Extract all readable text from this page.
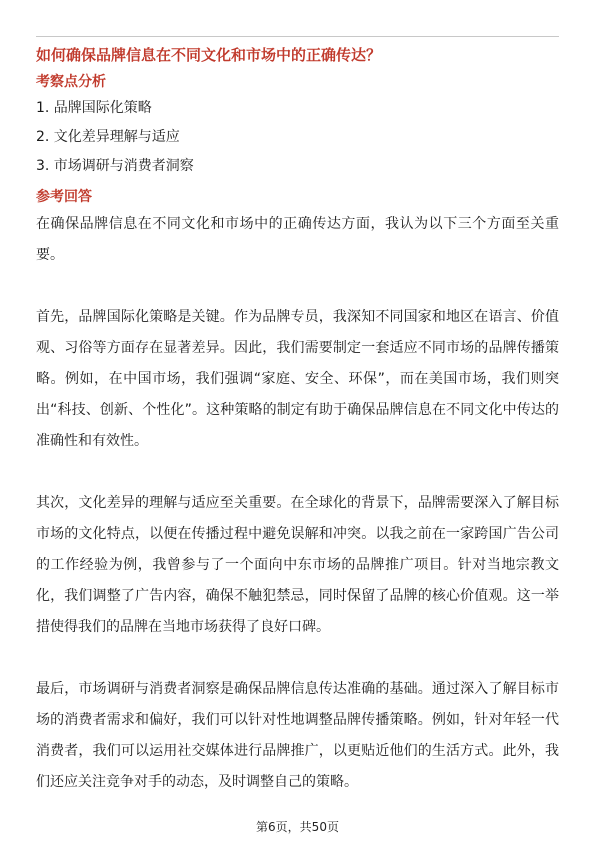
如何确保品牌信息在不同文化和市场中的正确传达？
考察点分析
1. 品牌国际化策略
2. 文化差异理解与适应
3. 市场调研与消费者洞察
参考回答

在确保品牌信息在不同文化和市场中的正确传达方面，我认为以下三个方面至关重要。

首先，品牌国际化策略是关键。作为品牌专员，我深知不同国家和地区在语言、价值观、习俗等方面存在显著差异。因此，我们需要制定一套适应不同市场的品牌传播策略。例如，在中国市场，我们强调“家庭、安全、环保”，而在美国市场，我们则突出“科技、创新、个性化”。这种策略的制定有助于确保品牌信息在不同文化中传达的准确性和有效性。

其次，文化差异的理解与适应至关重要。在全球化的背景下，品牌需要深入了解目标市场的文化特点，以便在传播过程中避免误解和冲突。以我之前在一家跨国广告公司的工作经验为例，我曾参与了一个面向中东市场的品牌推广项目。针对当地宗教文化，我们调整了广告内容，确保不触犯禁忌，同时保留了品牌的核心价值观。这一举措使得我们的品牌在当地市场获得了良好口碑。

最后，市场调研与消费者洞察是确保品牌信息传达准确的基础。通过深入了解目标市场的消费者需求和偏好，我们可以针对性地调整品牌传播策略。例如，针对年轻一代消费者，我们可以运用社交媒体进行品牌推广，以更贴近他们的生活方式。此外，我们还应关注竞争对手的动态，及时调整自己的策略。

第6页，共50页
